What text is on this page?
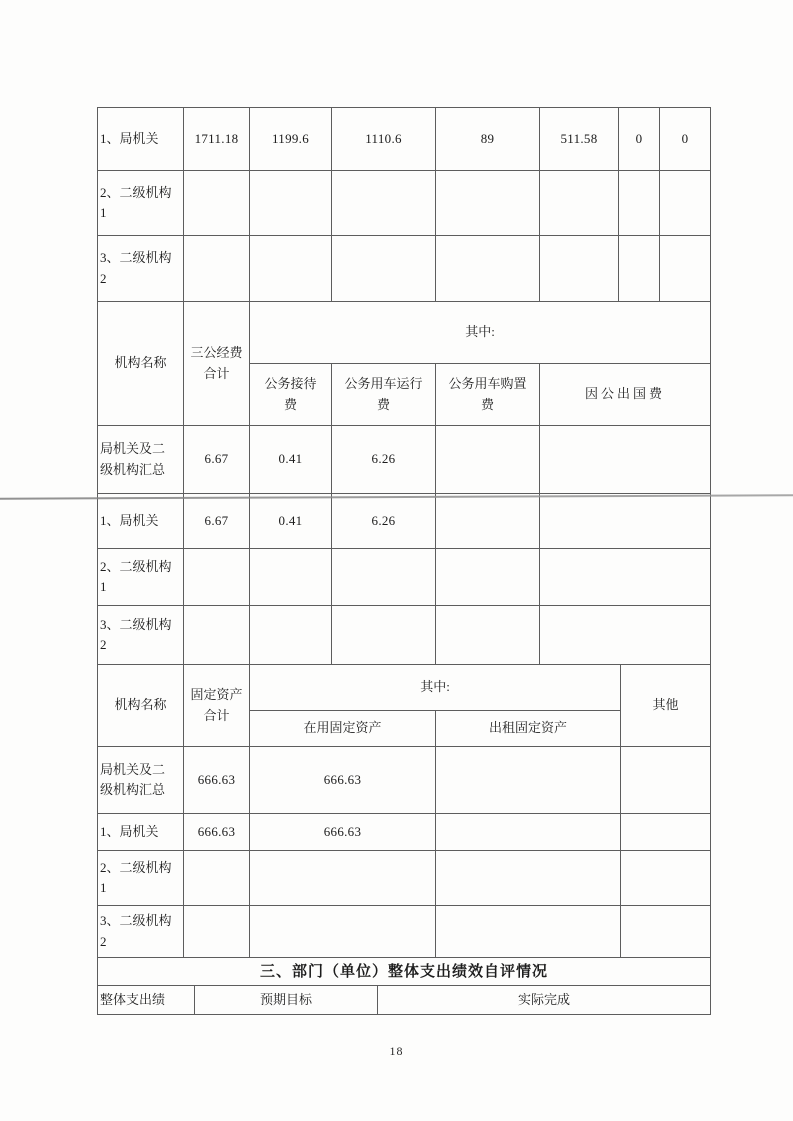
1、局机关	1711.18	1199.6	1110.6	89	511.58	0	0
2、二级机构1							
3、二级机构2							
机构名称	三公经费合计	其中:			
		公务接待费	公务用车运行费	公务用车购置费	因公出国费
局机关及二级机构汇总	6.67	0.41	6.26		
1、局机关	6.67	0.41	6.26		
2、二级机构1					
3、二级机构2					
机构名称	固定资产合计	其中:		其他
		在用固定资产	出租固定资产	
局机关及二级机构汇总	666.63	666.63		
1、局机关	666.63	666.63		
2、二级机构1				
3、二级机构2				
三、部门（单位）整体支出绩效自评情况
整体支出绩	预期目标	实际完成
18
